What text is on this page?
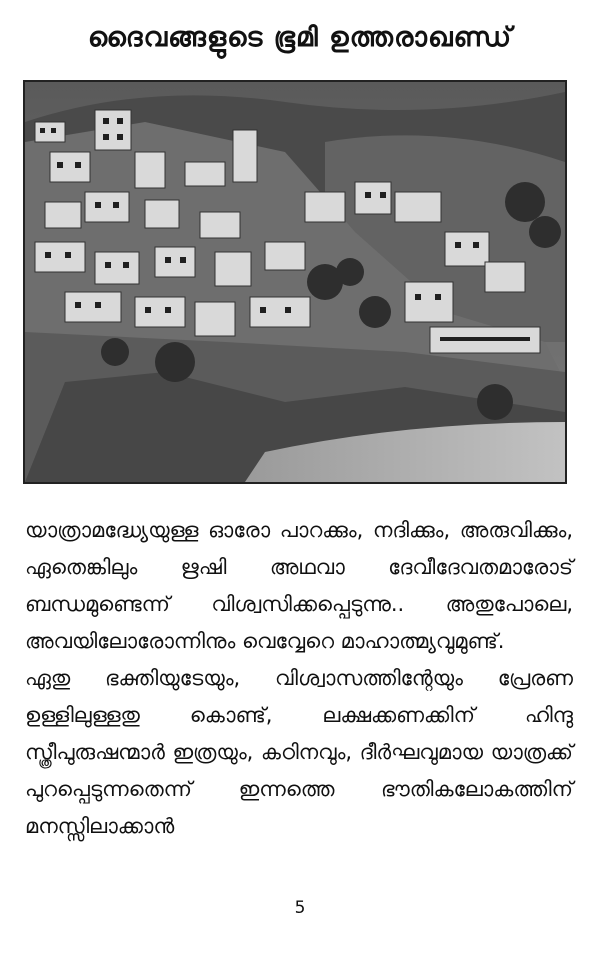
ദൈവങ്ങളുടെ ഭൂമി ഉത്തരാഖണ്ഡ്

യാത്രാമദ്ധ്യേയുള്ള ഓരോ പാറക്കും, നദിക്കും, അരുവിക്കും, ഏതെങ്കിലും ഋഷി അഥവാ ദേവീദേവതമാരോട് ബന്ധമുണ്ടെന്ന് വിശ്വസിക്കപ്പെടുന്നു.. അതുപോലെ, അവയിലോരോന്നിനും വെവ്വേറെ മാഹാത്മ്യവുമുണ്ട്.

ഏതു ഭക്തിയുടേയും, വിശ്വാസത്തിന്റേയും പ്രേരണ ഉള്ളിലുള്ളതു കൊണ്ട്, ലക്ഷക്കണക്കിന് ഹിന്ദു സ്ത്രീപുരുഷന്മാർ ഇത്രയും, കഠിനവും, ദീർഘവുമായ യാത്രക്ക് പുറപ്പെടുന്നതെന്ന് ഇന്നത്തെ ഭൗതികലോകത്തിന് മനസ്സിലാക്കാൻ

5
